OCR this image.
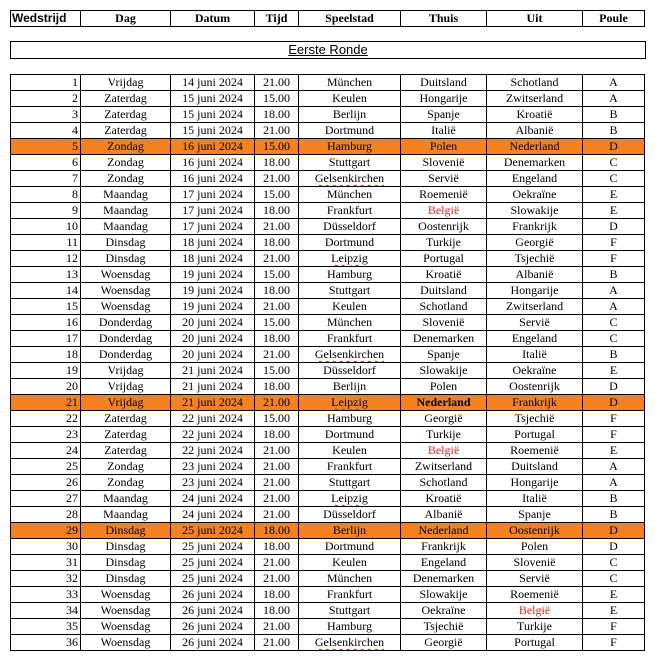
Wedstrijd	Dag	Datum	Tijd	Speelstad	Thuis	Uit	Poule
Eerste Ronde
1	Vrijdag	14 juni 2024	21.00	München	Duitsland	Schotland	A
2	Zaterdag	15 juni 2024	15.00	Keulen	Hongarije	Zwitserland	A
3	Zaterdag	15 juni 2024	18.00	Berlijn	Spanje	Kroatië	B
4	Zaterdag	15 juni 2024	21.00	Dortmund	Italië	Albanië	B
5	Zondag	16 juni 2024	15.00	Hamburg	Polen	Nederland	D
6	Zondag	16 juni 2024	18.00	Stuttgart	Slovenië	Denemarken	C
7	Zondag	16 juni 2024	21.00	Gelsenkirchen	Servië	Engeland	C
8	Maandag	17 juni 2024	15.00	München	Roemenië	Oekraïne	E
9	Maandag	17 juni 2024	18.00	Frankfurt	België	Slowakije	E
10	Maandag	17 juni 2024	21.00	Düsseldorf	Oostenrijk	Frankrijk	D
11	Dinsdag	18 juni 2024	18.00	Dortmund	Turkije	Georgië	F
12	Dinsdag	18 juni 2024	21.00	Leipzig	Portugal	Tsjechië	F
13	Woensdag	19 juni 2024	15.00	Hamburg	Kroatië	Albanië	B
14	Woensdag	19 juni 2024	18.00	Stuttgart	Duitsland	Hongarije	A
15	Woensdag	19 juni 2024	21.00	Keulen	Schotland	Zwitserland	A
16	Donderdag	20 juni 2024	15.00	München	Slovenië	Servië	C
17	Donderdag	20 juni 2024	18.00	Frankfurt	Denemarken	Engeland	C
18	Donderdag	20 juni 2024	21.00	Gelsenkirchen	Spanje	Italië	B
19	Vrijdag	21 juni 2024	15.00	Düsseldorf	Slowakije	Oekraïne	E
20	Vrijdag	21 juni 2024	18.00	Berlijn	Polen	Oostenrijk	D
21	Vrijdag	21 juni 2024	21.00	Leipzig	Nederland	Frankrijk	D
22	Zaterdag	22 juni 2024	15.00	Hamburg	Georgië	Tsjechië	F
23	Zaterdag	22 juni 2024	18.00	Dortmund	Turkije	Portugal	F
24	Zaterdag	22 juni 2024	21.00	Keulen	België	Roemenië	E
25	Zondag	23 juni 2024	21.00	Frankfurt	Zwitserland	Duitsland	A
26	Zondag	23 juni 2024	21.00	Stuttgart	Schotland	Hongarije	A
27	Maandag	24 juni 2024	21.00	Leipzig	Kroatië	Italië	B
28	Maandag	24 juni 2024	21.00	Düsseldorf	Albanië	Spanje	B
29	Dinsdag	25 juni 2024	18.00	Berlijn	Nederland	Oostenrijk	D
30	Dinsdag	25 juni 2024	18.00	Dortmund	Frankrijk	Polen	D
31	Dinsdag	25 juni 2024	21.00	Keulen	Engeland	Slovenië	C
32	Dinsdag	25 juni 2024	21.00	München	Denemarken	Servië	C
33	Woensdag	26 juni 2024	18.00	Frankfurt	Slowakije	Roemenië	E
34	Woensdag	26 juni 2024	18.00	Stuttgart	Oekraïne	België	E
35	Woensdag	26 juni 2024	21.00	Hamburg	Tsjechië	Turkije	F
36	Woensdag	26 juni 2024	21.00	Gelsenkirchen	Georgië	Portugal	F
